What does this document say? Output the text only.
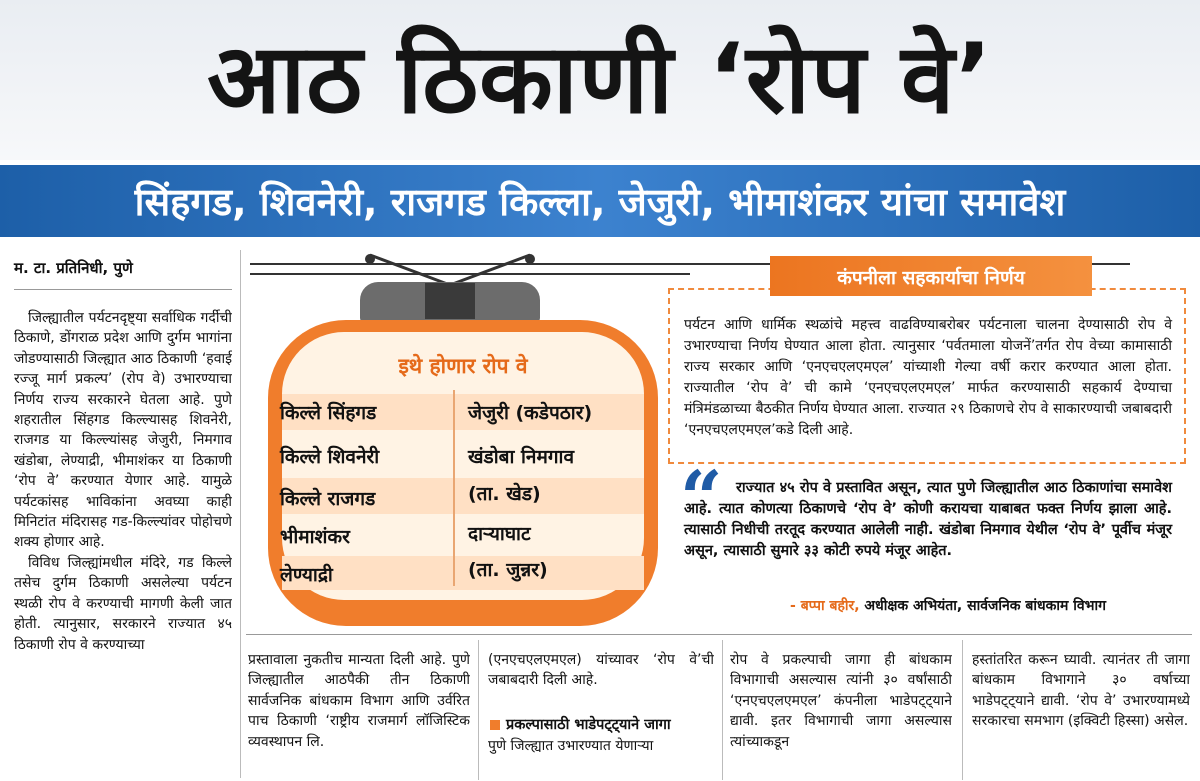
आठ ठिकाणी ‘रोप वे’
सिंहगड, शिवनेरी, राजगड किल्ला, जेजुरी, भीमाशंकर यांचा समावेश
म. टा. प्रतिनिधी, पुणे

जिल्ह्यातील पर्यटनदृष्ट्या सर्वाधिक गर्दीची ठिकाणे, डोंगराळ प्रदेश आणि दुर्गम भागांना जोडण्यासाठी जिल्ह्यात आठ ठिकाणी ‘हवाई रज्जू मार्ग प्रकल्प’ (रोप वे) उभारण्याचा निर्णय राज्य सरकारने घेतला आहे. पुणे शहरातील सिंहगड किल्ल्यासह शिवनेरी, राजगड या किल्ल्यांसह जेजुरी, निमगाव खंडोबा, लेण्याद्री, भीमाशंकर या ठिकाणी ‘रोप वे’ करण्यात येणार आहे. यामुळे पर्यटकांसह भाविकांना अवघ्या काही मिनिटांत मंदिरासह गड-किल्ल्यांवर पोहोचणे शक्य होणार आहे.

विविध जिल्ह्यांमधील मंदिरे, गड किल्ले तसेच दुर्गम ठिकाणी असलेल्या पर्यटन स्थळी रोप वे करण्याची मागणी केली जात होती. त्यानुसार, सरकारने राज्यात ४५ ठिकाणी रोप वे करण्याच्या

इथे होणार रोप वे
किल्ले सिंहगड
किल्ले शिवनेरी
किल्ले राजगड
भीमाशंकर
लेण्याद्री
जेजुरी (कडेपठार)
खंडोबा निमगाव
(ता. खेड)
दाऱ्याघाट
(ता. जुन्नर)
कंपनीला सहकार्याचा निर्णय
पर्यटन आणि धार्मिक स्थळांचे महत्त्व वाढविण्याबरोबर पर्यटनाला चालना देण्यासाठी रोप वे उभारण्याचा निर्णय घेण्यात आला होता. त्यानुसार ‘पर्वतमाला योजनें’तर्गत रोप वेच्या कामासाठी राज्य सरकार आणि ‘एनएचएलएमएल’ यांच्याशी गेल्या वर्षी करार करण्यात आला होता. राज्यातील ‘रोप वे’ ची कामे ‘एनएचएलएमएल’ मार्फत करण्यासाठी सहकार्य देण्याचा मंत्रिमंडळाच्या बैठकीत निर्णय घेण्यात आला. राज्यात २९ ठिकाणचे रोप वे साकारण्याची जबाबदारी ‘एनएचएलएमएल’कडे दिली आहे.
“ राज्यात ४५ रोप वे प्रस्तावित असून, त्यात पुणे जिल्ह्यातील आठ ठिकाणांचा समावेश आहे. त्यात कोणत्या ठिकाणचे ‘रोप वे’ कोणी करायचा याबाबत फक्त निर्णय झाला आहे. त्यासाठी निधीची तरतूद करण्यात आलेली नाही. खंडोबा निमगाव येथील ‘रोप वे’ पूर्वीच मंजूर असून, त्यासाठी सुमारे ३३ कोटी रुपये मंजूर आहेत.
- बप्पा बहीर, अधीक्षक अभियंता, सार्वजनिक बांधकाम विभाग
प्रस्तावाला नुकतीच मान्यता दिली आहे. पुणे जिल्ह्यातील आठपैकी तीन ठिकाणी सार्वजनिक बांधकाम विभाग आणि उर्वरित पाच ठिकाणी ‘राष्ट्रीय राजमार्ग लॉजिस्टिक व्यवस्थापन लि.

(एनएचएलएमएल) यांच्यावर ‘रोप वे’ची जबाबदारी दिली आहे.

प्रकल्पासाठी भाडेपट्ट्याने जागा

पुणे जिल्ह्यात उभारण्यात येणाऱ्या

रोप वे प्रकल्पाची जागा ही बांधकाम विभागाची असल्यास त्यांनी ३० वर्षांसाठी ‘एनएचएलएमएल’ कंपनीला भाडेपट्ट्याने द्यावी. इतर विभागाची जागा असल्यास त्यांच्याकडून
हस्तांतरित करून घ्यावी. त्यानंतर ती जागा बांधकाम विभागाने ३० वर्षाच्या भाडेपट्ट्याने द्यावी. ‘रोप वे’ उभारण्यामध्ये सरकारचा समभाग (इक्विटी हिस्सा) असेल.
